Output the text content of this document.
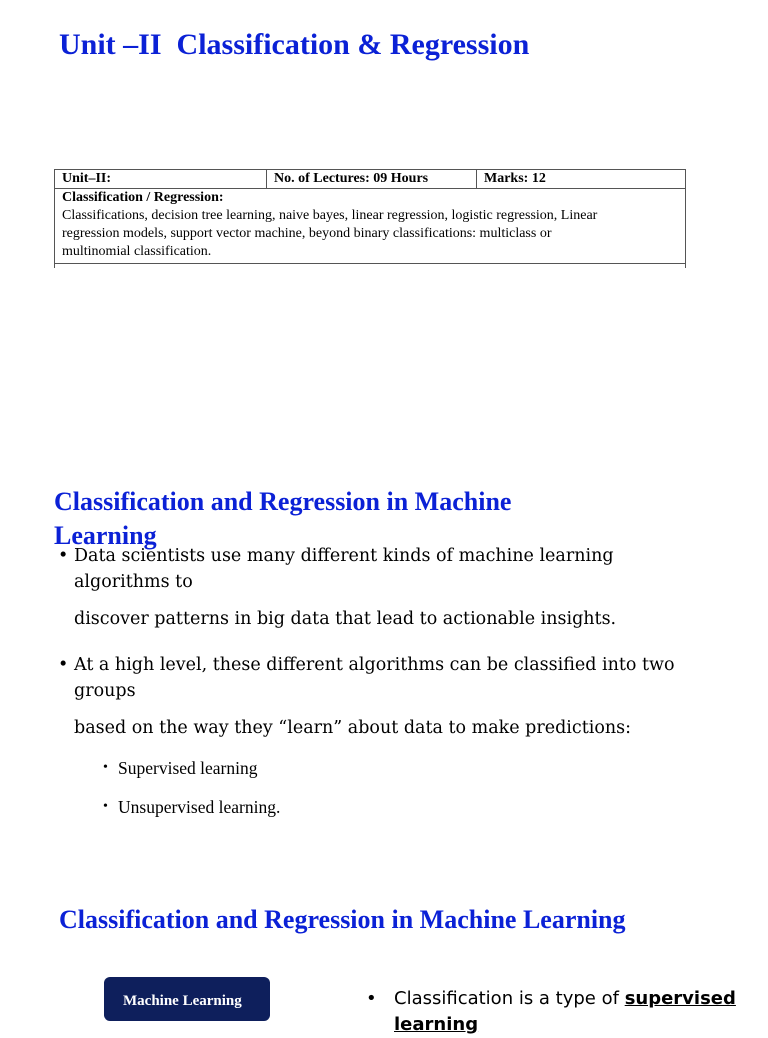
Unit –II  Classification & Regression
Unit–II:	No. of Lectures: 09 Hours	Marks: 12
Classification / Regression:
Classifications, decision tree learning, naive bayes, linear regression, logistic regression, Linear
regression models, support vector machine, beyond binary classifications: multiclass or
multinomial classification.
Classification and Regression in Machine Learning
• Data scientists use many different kinds of machine learning algorithms to
discover patterns in big data that lead to actionable insights.
• At a high level, these different algorithms can be classified into two groups
based on the way they “learn” about data to make predictions:
• Supervised learning
• Unsupervised learning.
Classification and Regression in Machine Learning
Machine Learning	• Classification is a type of supervised
learning
